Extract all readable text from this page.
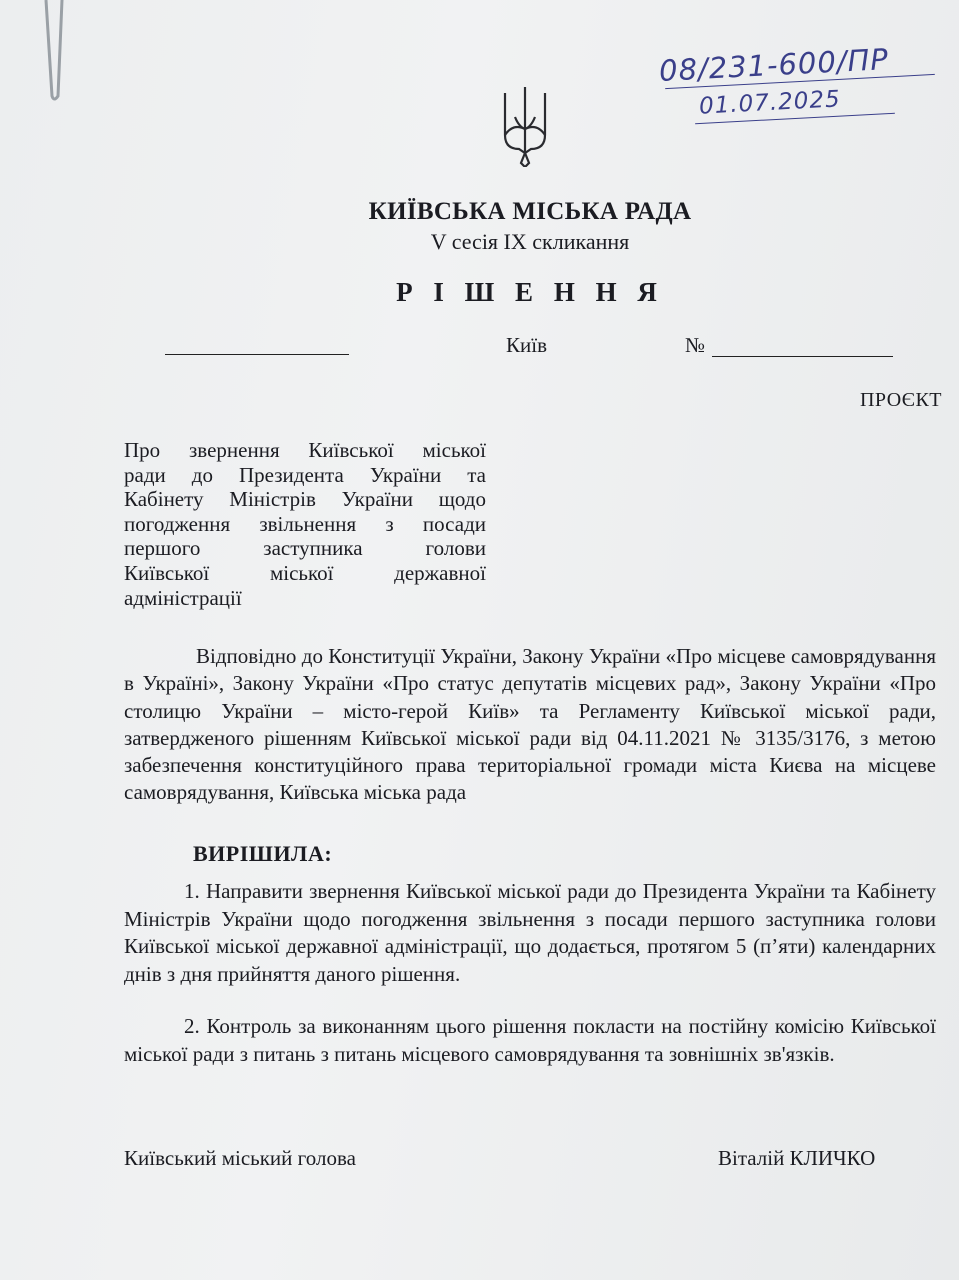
08/231-600/ПР
01.07.2025
КИЇВСЬКА МІСЬКА РАДА
V сесія IX скликання
Р І Ш Е Н Н Я
Київ	№
ПРОЄКТ
Про звернення Київської міської
ради до Президента України та
Кабінету Міністрів України щодо
погодження звільнення з посади
першого заступника голови
Київської міської державної
адміністрації

Відповідно до Конституції України, Закону України «Про місцеве самоврядування в Україні», Закону України «Про статус депутатів місцевих рад», Закону України «Про столицю України – місто-герой Київ» та Регламенту Київської міської ради, затвердженого рішенням Київської міської ради від 04.11.2021 № 3135/3176, з метою забезпечення конституційного права територіальної громади міста Києва на місцеве самоврядування, Київська міська рада

ВИРІШИЛА:

1. Направити звернення Київської міської ради до Президента України та Кабінету Міністрів України щодо погодження звільнення з посади першого заступника голови Київської міської державної адміністрації, що додається, протягом 5 (п’яти) календарних днів з дня прийняття даного рішення.

2. Контроль за виконанням цього рішення покласти на постійну комісію Київської міської ради з питань з питань місцевого самоврядування та зовнішніх зв'язків.

Київський міський голова	Віталій КЛИЧКО
